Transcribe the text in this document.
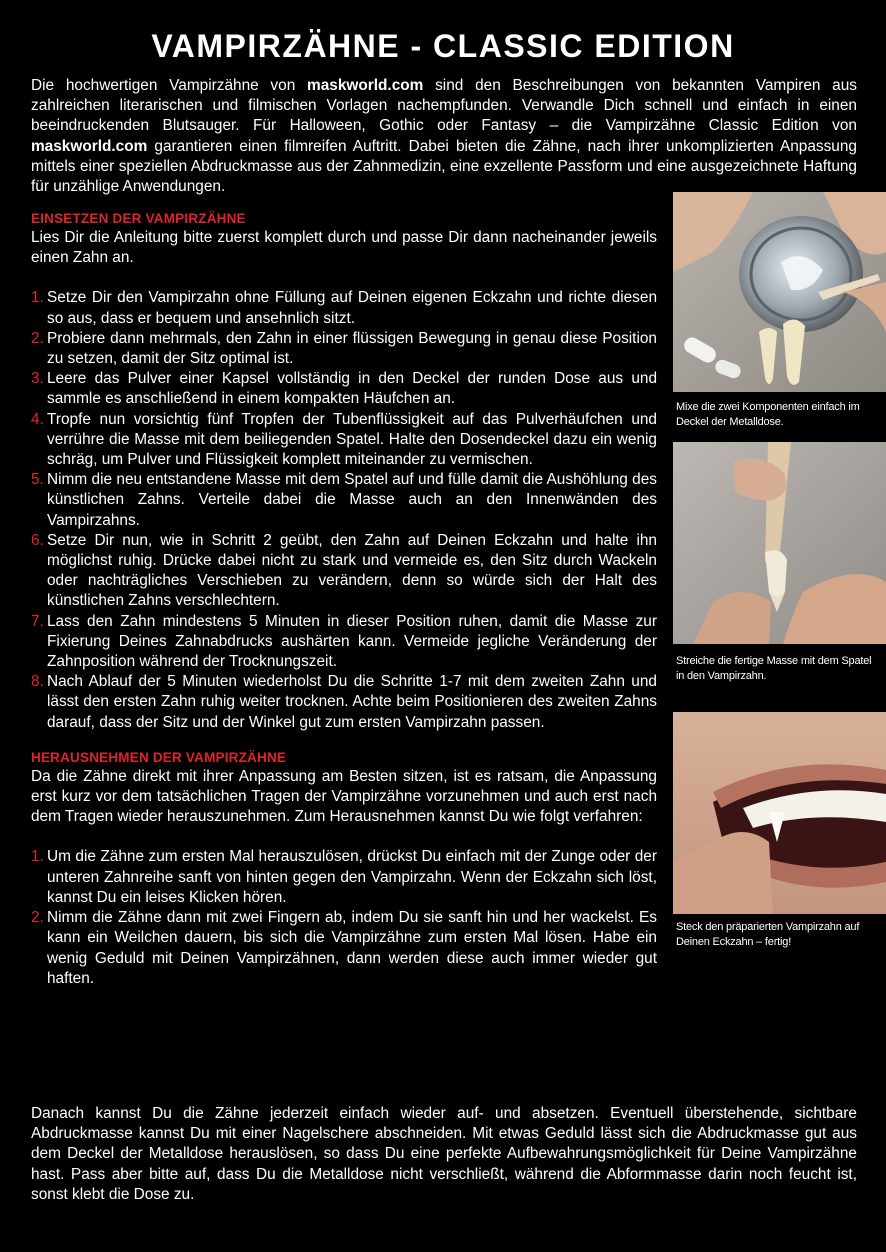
VAMPIRZÄHNE - CLASSIC EDITION

Die hochwertigen Vampirzähne von maskworld.com sind den Beschreibungen von bekannten Vampiren aus zahlreichen literarischen und filmischen Vorlagen nachempfunden. Verwandle Dich schnell und einfach in einen beeindruckenden Blutsauger. Für Halloween, Gothic oder Fantasy – die Vampirzähne Classic Edition von maskworld.com garantieren einen filmreifen Auftritt. Dabei bieten die Zähne, nach ihrer unkomplizierten Anpassung mittels einer speziellen Abdruckmasse aus der Zahnmedizin, eine exzellente Passform und eine ausgezeichnete Haftung für unzählige Anwendungen.

EINSETZEN DER VAMPIRZÄHNE

Lies Dir die Anleitung bitte zuerst komplett durch und passe Dir dann nacheinander jeweils einen Zahn an.

1. Setze Dir den Vampirzahn ohne Füllung auf Deinen eigenen Eckzahn und richte diesen so aus, dass er bequem und ansehnlich sitzt.
2. Probiere dann mehrmals, den Zahn in einer flüssigen Bewegung in genau diese Position zu setzen, damit der Sitz optimal ist.
3. Leere das Pulver einer Kapsel vollständig in den Deckel der runden Dose aus und sammle es anschließend in einem kompakten Häufchen an.
4. Tropfe nun vorsichtig fünf Tropfen der Tubenflüssigkeit auf das Pulverhäufchen und verrühre die Masse mit dem beiliegenden Spatel. Halte den Dosendeckel dazu ein wenig schräg, um Pulver und Flüssigkeit komplett miteinander zu vermischen.
5. Nimm die neu entstandene Masse mit dem Spatel auf und fülle damit die Aushöhlung des künstlichen Zahns. Verteile dabei die Masse auch an den Innenwänden des Vampirzahns.
6. Setze Dir nun, wie in Schritt 2 geübt, den Zahn auf Deinen Eckzahn und halte ihn möglichst ruhig. Drücke dabei nicht zu stark und vermeide es, den Sitz durch Wackeln oder nachträgliches Verschieben zu verändern, denn so würde sich der Halt des künstlichen Zahns verschlechtern.
7. Lass den Zahn mindestens 5 Minuten in dieser Position ruhen, damit die Masse zur Fixierung Deines Zahnabdrucks aushärten kann. Vermeide jegliche Veränderung der Zahnposition während der Trocknungszeit.
8. Nach Ablauf der 5 Minuten wiederholst Du die Schritte 1-7 mit dem zweiten Zahn und lässt den ersten Zahn ruhig weiter trocknen. Achte beim Positionieren des zweiten Zahns darauf, dass der Sitz und der Winkel gut zum ersten Vampirzahn passen.
HERAUSNEHMEN DER VAMPIRZÄHNE

Da die Zähne direkt mit ihrer Anpassung am Besten sitzen, ist es ratsam, die Anpassung erst kurz vor dem tatsächlichen Tragen der Vampirzähne vorzunehmen und auch erst nach dem Tragen wieder herauszunehmen. Zum Herausnehmen kannst Du wie folgt verfahren:

1. Um die Zähne zum ersten Mal herauszulösen, drückst Du einfach mit der Zunge oder der unteren Zahnreihe sanft von hinten gegen den Vampirzahn. Wenn der Eckzahn sich löst, kannst Du ein leises Klicken hören.
2. Nimm die Zähne dann mit zwei Fingern ab, indem Du sie sanft hin und her wackelst. Es kann ein Weilchen dauern, bis sich die Vampirzähne zum ersten Mal lösen. Habe ein wenig Geduld mit Deinen Vampirzähnen, dann werden diese auch immer wieder gut haften.
Mixe die zwei Komponenten einfach im Deckel der Metalldose.
Streiche die fertige Masse mit dem Spatel in den Vampirzahn.
Steck den präparierten Vampirzahn auf Deinen Eckzahn – fertig!

Danach kannst Du die Zähne jederzeit einfach wieder auf- und absetzen. Eventuell überstehende, sichtbare Abdruckmasse kannst Du mit einer Nagelschere abschneiden. Mit etwas Geduld lässt sich die Abdruckmasse gut aus dem Deckel der Metalldose herauslösen, so dass Du eine perfekte Aufbewahrungsmöglichkeit für Deine Vampirzähne hast. Pass aber bitte auf, dass Du die Metalldose nicht verschließt, während die Abformmasse darin noch feucht ist, sonst klebt die Dose zu.
